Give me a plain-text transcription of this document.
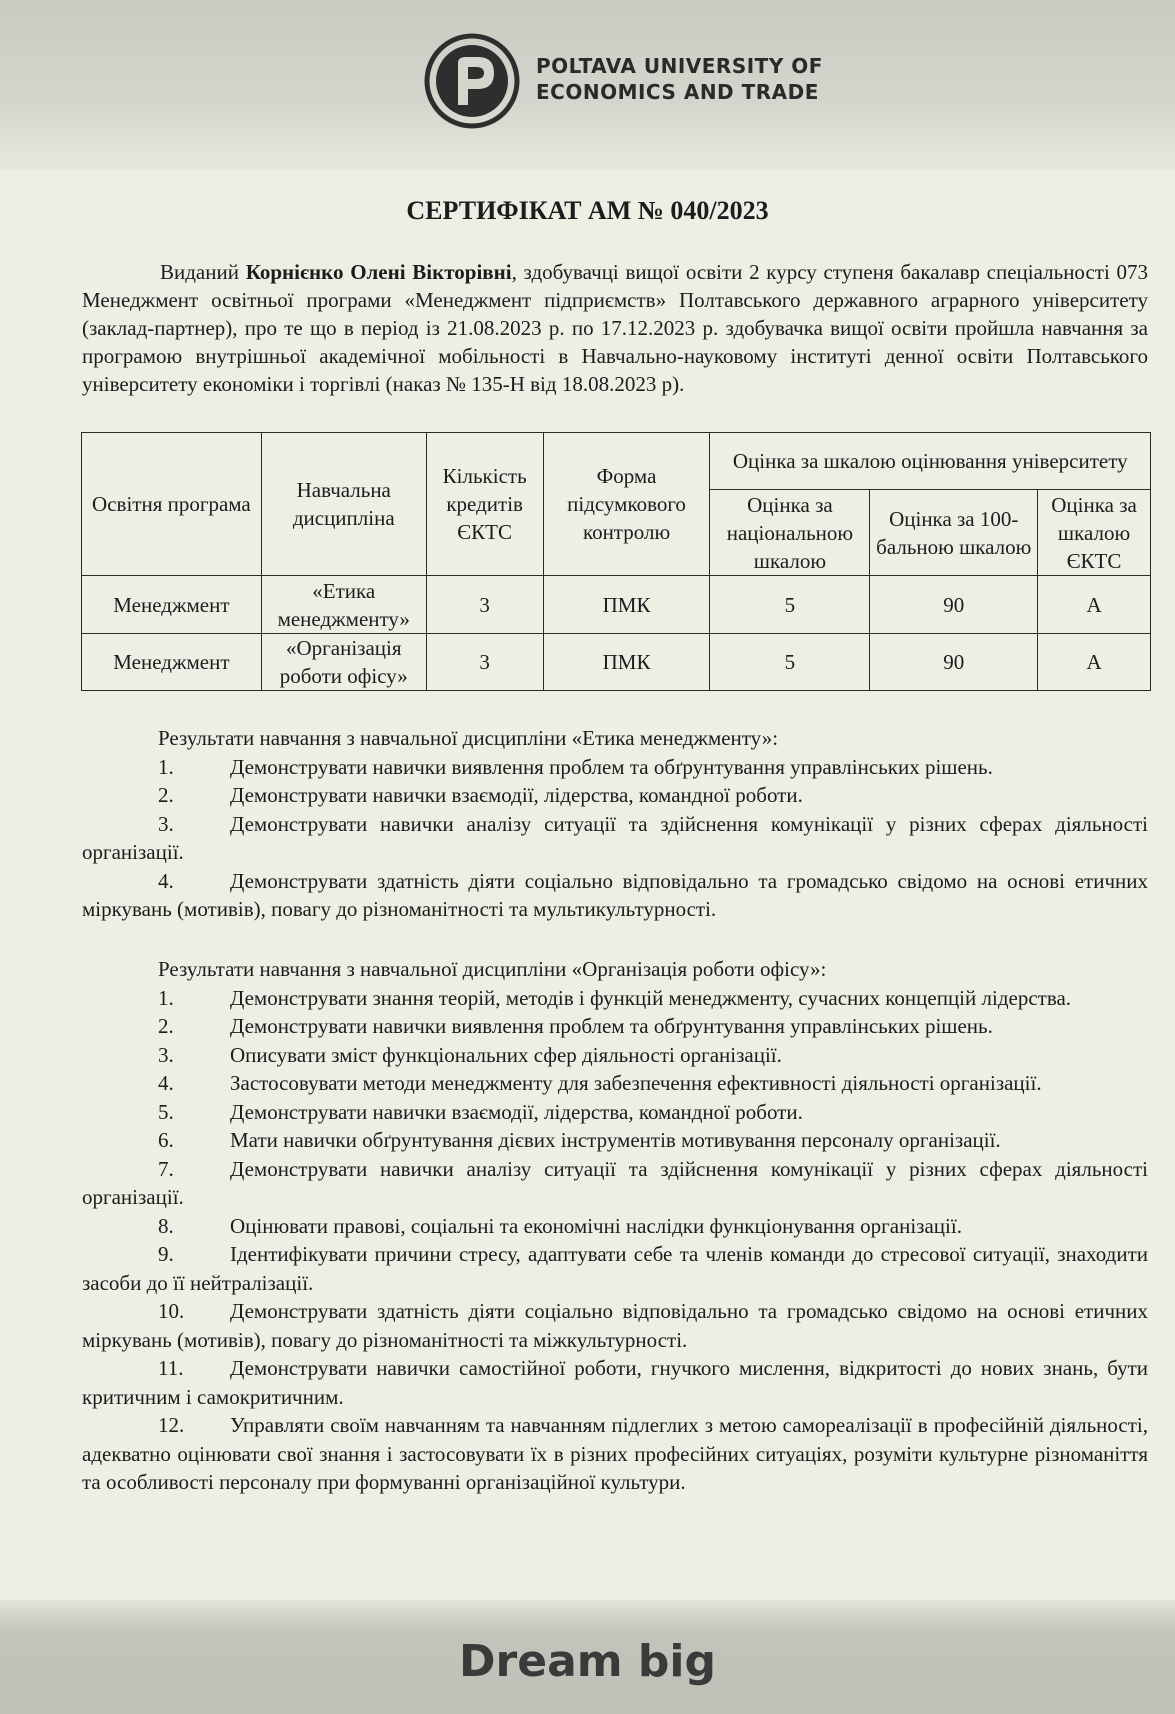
POLTAVA UNIVERSITY OF
ECONOMICS AND TRADE
СЕРТИФІКАТ АМ № 040/2023
Виданий Корнієнко Олені Вікторівні, здобувачці вищої освіти 2 курсу ступеня бакалавр спеціальності 073 Менеджмент освітньої програми «Менеджмент підприємств» Полтавського державного аграрного університету (заклад-партнер), про те що в період із 21.08.2023 р. по 17.12.2023 р. здобувачка вищої освіти пройшла навчання за програмою внутрішньої академічної мобільності в Навчально-науковому інституті денної освіти Полтавського університету економіки і торгівлі (наказ № 135-Н від 18.08.2023 р).
Освітня програма	Навчальна дисципліна	Кількість кредитів ЄКТС	Форма підсумкового контролю	Оцінка за шкалою оцінювання університету		
				Оцінка за національною шкалою	Оцінка за 100-бальною шкалою	Оцінка за шкалою ЄКТС
Менеджмент	«Етика менеджменту»	3	ПМК	5	90	A
Менеджмент	«Організація роботи офісу»	3	ПМК	5	90	A
Результати навчання з навчальної дисципліни «Етика менеджменту»:
1.	Демонструвати навички виявлення проблем та обґрунтування управлінських рішень.
2.	Демонструвати навички взаємодії, лідерства, командної роботи.
3.	Демонструвати навички аналізу ситуації та здійснення комунікації у різних сферах діяльності організації.
4.	Демонструвати здатність діяти соціально відповідально та громадсько свідомо на основі етичних міркувань (мотивів), повагу до різноманітності та мультикультурності.
Результати навчання з навчальної дисципліни «Організація роботи офісу»:
1.	Демонструвати знання теорій, методів і функцій менеджменту, сучасних концепцій лідерства.
2.	Демонструвати навички виявлення проблем та обґрунтування управлінських рішень.
3.	Описувати зміст функціональних сфер діяльності організації.
4.	Застосовувати методи менеджменту для забезпечення ефективності діяльності організації.
5.	Демонструвати навички взаємодії, лідерства, командної роботи.
6.	Мати навички обґрунтування дієвих інструментів мотивування персоналу організації.
7.	Демонструвати навички аналізу ситуації та здійснення комунікації у різних сферах діяльності організації.
8.	Оцінювати правові, соціальні та економічні наслідки функціонування організації.
9.	Ідентифікувати причини стресу, адаптувати себе та членів команди до стресової ситуації, знаходити засоби до її нейтралізації.
10. Демонструвати здатність діяти соціально відповідально та громадсько свідомо на основі етичних міркувань (мотивів), повагу до різноманітності та міжкультурності.
11. Демонструвати навички самостійної роботи, гнучкого мислення, відкритості до нових знань, бути критичним і самокритичним.
12. Управляти своїм навчанням та навчанням підлеглих з метою самореалізації в професійній діяльності, адекватно оцінювати свої знання і застосовувати їх в різних професійних ситуаціях, розуміти культурне різноманіття та особливості персоналу при формуванні організаційної культури.
Dream big
